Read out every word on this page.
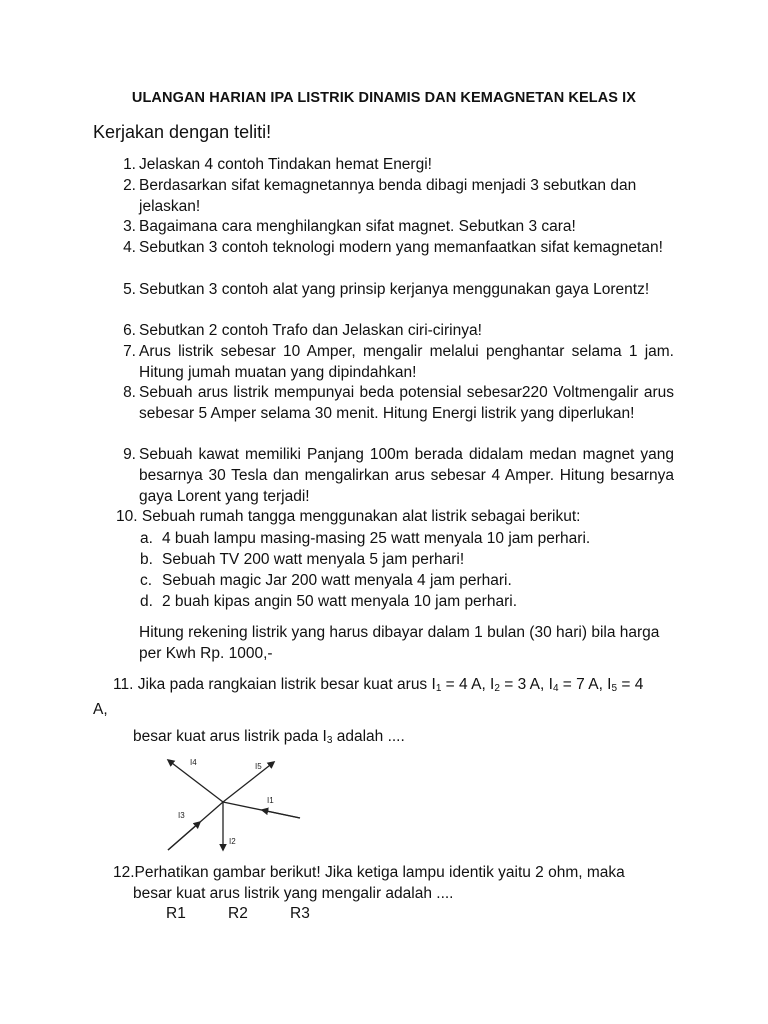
ULANGAN HARIAN IPA LISTRIK DINAMIS DAN KEMAGNETAN KELAS IX
Kerjakan dengan teliti!
1. Jelaskan 4 contoh Tindakan hemat Energi!
2. Berdasarkan sifat kemagnetannya benda dibagi menjadi 3 sebutkan dan jelaskan!
3. Bagaimana cara menghilangkan sifat magnet. Sebutkan 3 cara!
4. Sebutkan 3 contoh teknologi modern yang memanfaatkan sifat kemagnetan!
5. Sebutkan 3 contoh alat yang prinsip kerjanya menggunakan gaya Lorentz!
6. Sebutkan 2 contoh Trafo dan Jelaskan ciri-cirinya!
7. Arus listrik sebesar 10 Amper, mengalir melalui penghantar selama 1 jam. Hitung jumah muatan yang dipindahkan!
8. Sebuah arus listrik mempunyai beda potensial sebesar220 Voltmengalir arus sebesar 5 Amper selama 30 menit. Hitung Energi listrik yang diperlukan!
9. Sebuah kawat memiliki Panjang 100m berada didalam medan magnet yang besarnya 30 Tesla dan mengalirkan arus sebesar 4 Amper. Hitung besarnya gaya Lorent yang terjadi!
10. Sebuah rumah tangga menggunakan alat listrik sebagai berikut:
a. 4 buah lampu masing-masing 25 watt menyala 10 jam perhari.
b. Sebuah TV 200 watt menyala 5 jam perhari!
c. Sebuah magic Jar 200 watt menyala 4 jam perhari.
d. 2 buah kipas angin 50 watt menyala 10 jam perhari.
Hitung rekening listrik yang harus dibayar dalam 1 bulan (30 hari) bila harga per Kwh Rp. 1000,-
11. Jika pada rangkaian listrik besar kuat arus $I_1 = 4$ A, $I_2 = 3$ A, $I_4 = 7$ A, $I_5 = 4$
A,
besar kuat arus listrik pada $I_3$ adalah ....
I4	I5
I1
I3
I2
12.Perhatikan gambar berikut! Jika ketiga lampu identik yaitu 2 ohm, maka
besar kuat arus listrik yang mengalir adalah ....
R1	R2	R3
